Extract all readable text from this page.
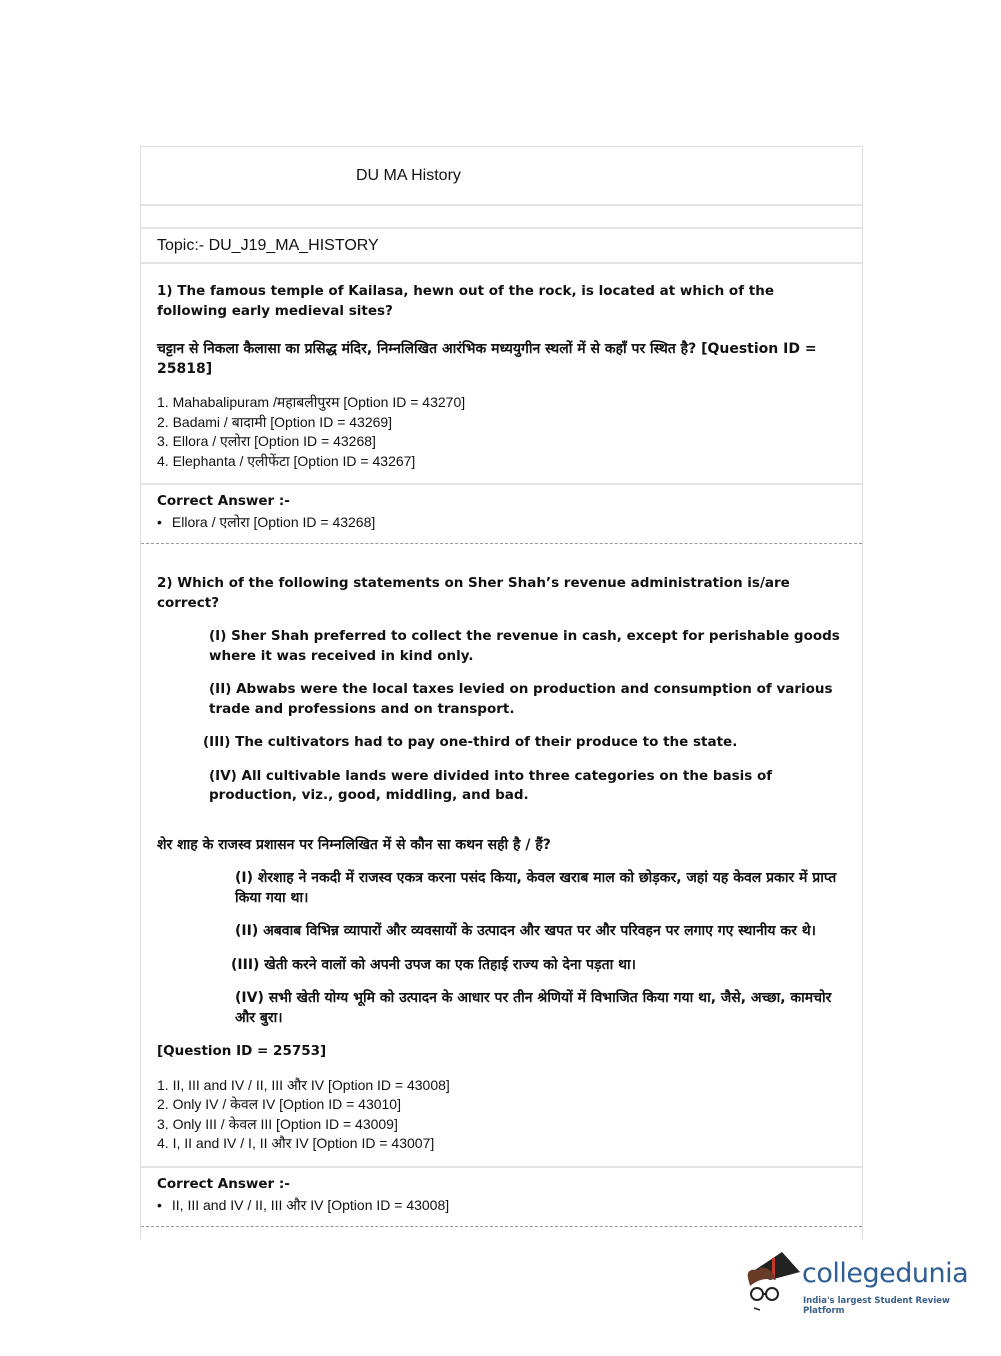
DU MA History
Topic:- DU_J19_MA_HISTORY

1) The famous temple of Kailasa, hewn out of the rock, is located at which of the following early medieval sites?

चट्टान से निकला कैलासा का प्रसिद्ध मंदिर, निम्नलिखित आरंभिक मध्ययुगीन स्थलों में से कहाँ पर स्थित है? [Question ID = 25818]

1. Mahabalipuram /महाबलीपुरम [Option ID = 43270]
2. Badami / बादामी [Option ID = 43269]
3. Ellora / एलोरा [Option ID = 43268]
4. Elephanta / एलीफेंटा [Option ID = 43267]
Correct Answer :-
• Ellora / एलोरा [Option ID = 43268]

2) Which of the following statements on Sher Shah’s revenue administration is/are correct?

(I) Sher Shah preferred to collect the revenue in cash, except for perishable goods where it was received in kind only.

(II) Abwabs were the local taxes levied on production and consumption of various trade and professions and on transport.

(III) The cultivators had to pay one-third of their produce to the state.

(IV) All cultivable lands were divided into three categories on the basis of production, viz., good, middling, and bad.

शेर शाह के राजस्व प्रशासन पर निम्नलिखित में से कौन सा कथन सही है / हैं?

(I) शेरशाह ने नकदी में राजस्व एकत्र करना पसंद किया, केवल खराब माल को छोड़कर, जहां यह केवल प्रकार में प्राप्त किया गया था।

(II) अबवाब विभिन्न व्यापारों और व्यवसायों के उत्पादन और खपत पर और परिवहन पर लगाए गए स्थानीय कर थे।

(III) खेती करने वालों को अपनी उपज का एक तिहाई राज्य को देना पड़ता था।

(IV) सभी खेती योग्य भूमि को उत्पादन के आधार पर तीन श्रेणियों में विभाजित किया गया था, जैसे, अच्छा, कामचोर और बुरा।

[Question ID = 25753]

1. II, III and IV / II, III और IV [Option ID = 43008]
2. Only IV / केवल IV [Option ID = 43010]
3. Only III / केवल III [Option ID = 43009]
4. I, II and IV / I, II और IV [Option ID = 43007]
Correct Answer :-
• II, III and IV / II, III और IV [Option ID = 43008]
collegedunia
India's largest Student Review Platform
